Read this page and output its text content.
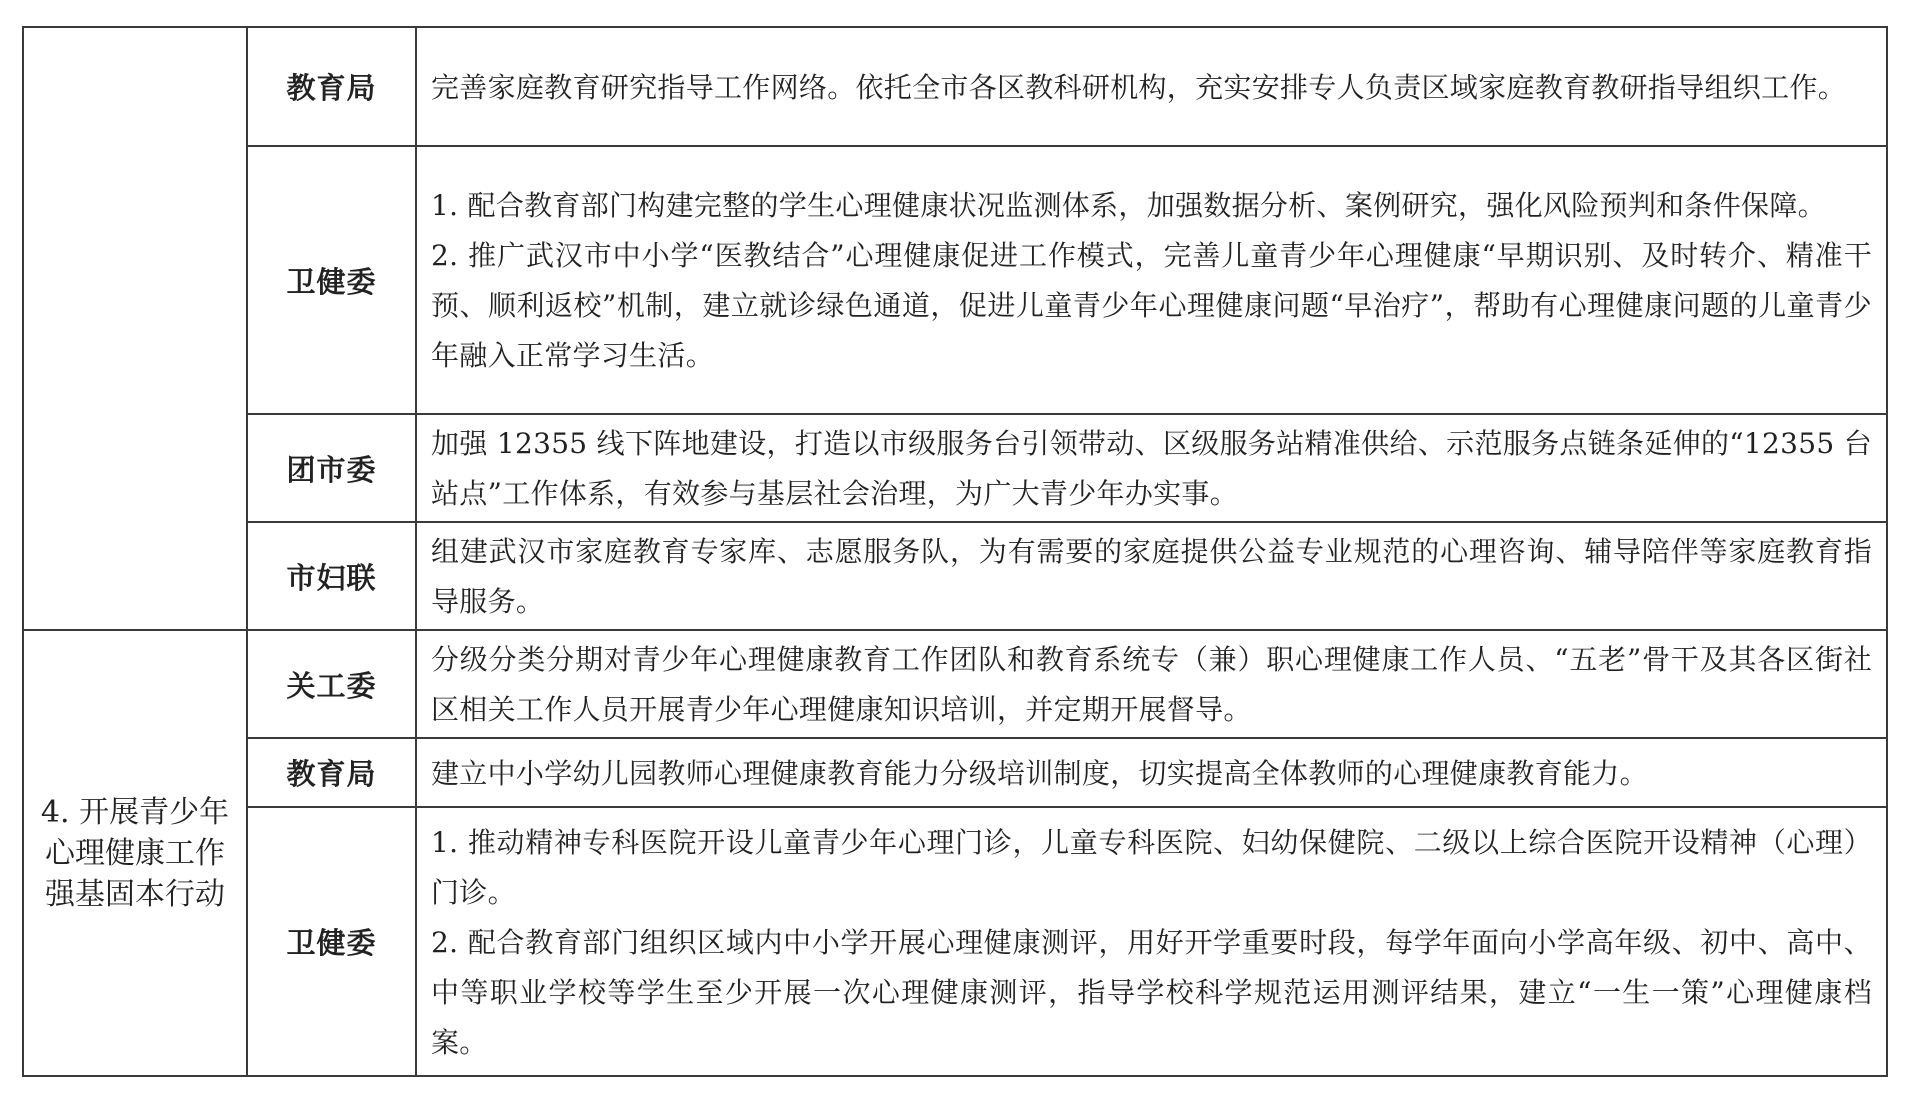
	教育局	完善家庭教育研究指导工作网络。依托全市各区教科研机构，充实安排专人负责区域家庭教育教研指导组织工作。

	卫健委	1. 配合教育部门构建完整的学生心理健康状况监测体系，加强数据分析、案例研究，强化风险预判和条件保障。
2. 推广武汉市中小学“医教结合”心理健康促进工作模式，完善儿童青少年心理健康“早期识别、及时转介、精准干预、顺利返校”机制，建立就诊绿色通道，促进儿童青少年心理健康问题“早治疗”，帮助有心理健康问题的儿童青少年融入正常学习生活。

	团市委	加强 12355 线下阵地建设，打造以市级服务台引领带动、区级服务站精准供给、示范服务点链条延伸的“12355 台站点”工作体系，有效参与基层社会治理，为广大青少年办实事。

	市妇联	组建武汉市家庭教育专家库、志愿服务队，为有需要的家庭提供公益专业规范的心理咨询、辅导陪伴等家庭教育指导服务。

4. 开展青少年心理健康工作强基固本行动	关工委	分级分类分期对青少年心理健康教育工作团队和教育系统专（兼）职心理健康工作人员、“五老”骨干及其各区街社区相关工作人员开展青少年心理健康知识培训，并定期开展督导。

	教育局	建立中小学幼儿园教师心理健康教育能力分级培训制度，切实提高全体教师的心理健康教育能力。

	卫健委	1. 推动精神专科医院开设儿童青少年心理门诊，儿童专科医院、妇幼保健院、二级以上综合医院开设精神（心理）门诊。
2. 配合教育部门组织区域内中小学开展心理健康测评，用好开学重要时段，每学年面向小学高年级、初中、高中、中等职业学校等学生至少开展一次心理健康测评，指导学校科学规范运用测评结果，建立“一生一策”心理健康档案。
